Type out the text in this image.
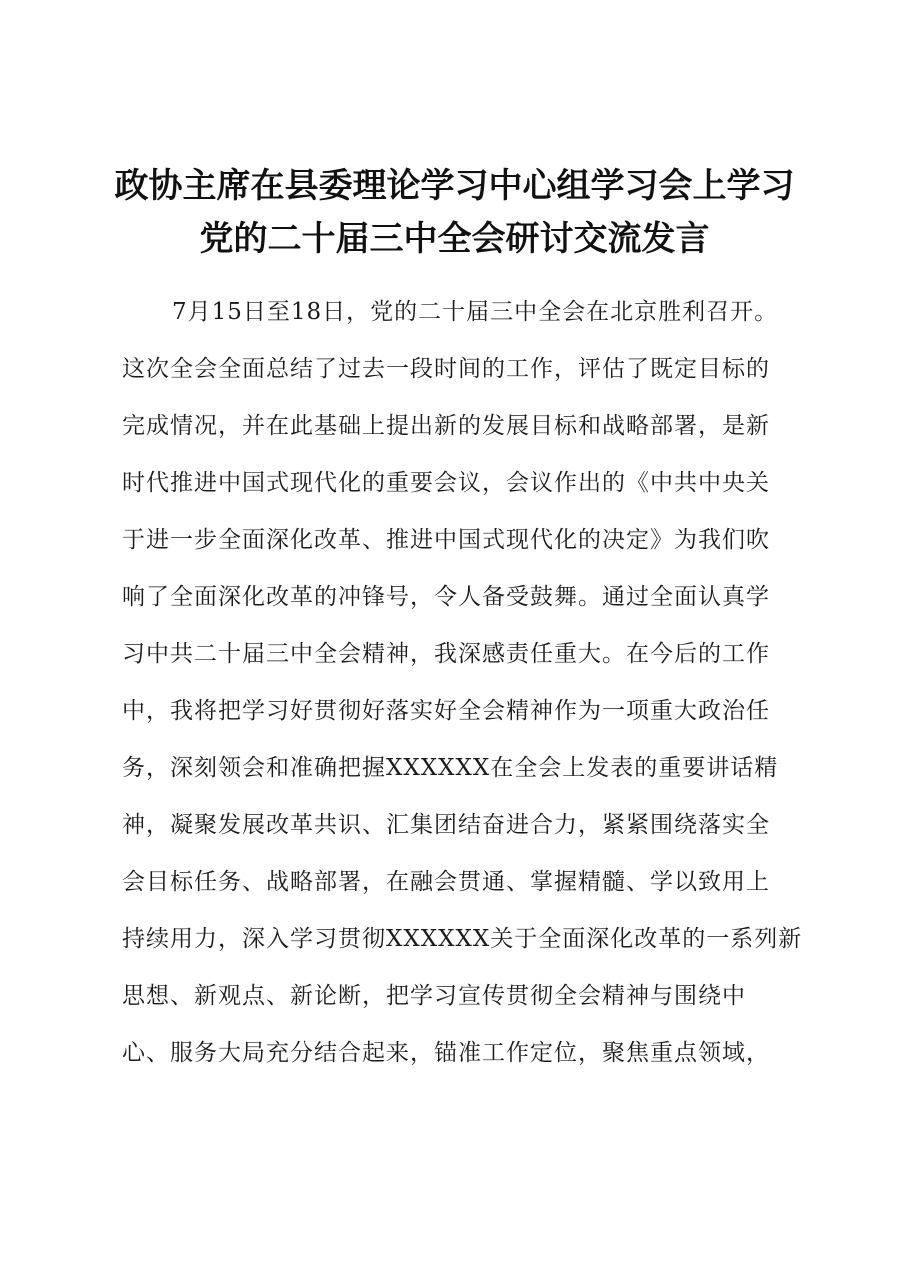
政协主席在县委理论学习中心组学习会上学习
党的二十届三中全会研讨交流发言
7月15日至18日，党的二十届三中全会在北京胜利召开。
这次全会全面总结了过去一段时间的工作，评估了既定目标的
完成情况，并在此基础上提出新的发展目标和战略部署，是新
时代推进中国式现代化的重要会议，会议作出的《中共中央关
于进一步全面深化改革、推进中国式现代化的决定》为我们吹
响了全面深化改革的冲锋号，令人备受鼓舞。通过全面认真学
习中共二十届三中全会精神，我深感责任重大。在今后的工作
中，我将把学习好贯彻好落实好全会精神作为一项重大政治任
务，深刻领会和准确把握XXXXXX在全会上发表的重要讲话精
神，凝聚发展改革共识、汇集团结奋进合力，紧紧围绕落实全
会目标任务、战略部署，在融会贯通、掌握精髓、学以致用上
持续用力，深入学习贯彻XXXXXX关于全面深化改革的一系列新
思想、新观点、新论断，把学习宣传贯彻全会精神与围绕中
心、服务大局充分结合起来，锚准工作定位，聚焦重点领域，
